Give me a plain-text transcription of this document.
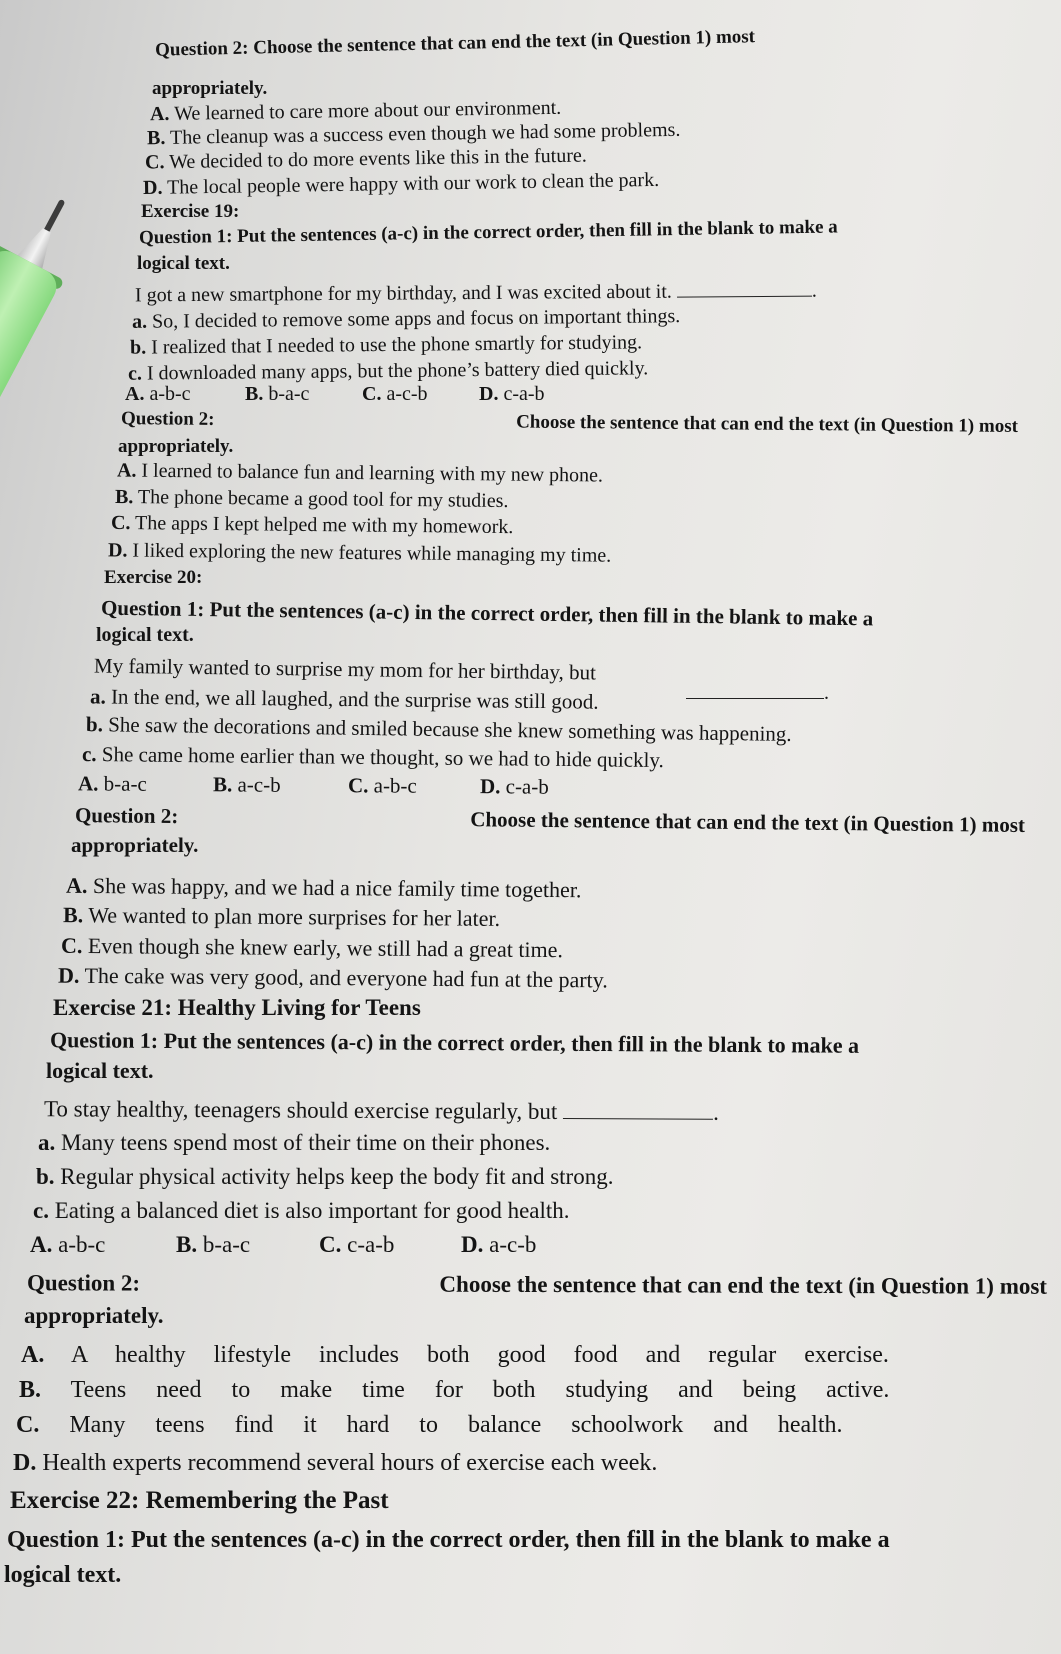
Question 2: Choose the sentence that can end the text (in Question 1) most
appropriately.
A. We learned to care more about our environment.
B. The cleanup was a success even though we had some problems.
C. We decided to do more events like this in the future.
D. The local people were happy with our work to clean the park.
Exercise 19:
Question 1: Put the sentences (a-c) in the correct order, then fill in the blank to make a
logical text.
I got a new smartphone for my birthday, and I was excited about it.	.
a. So, I decided to remove some apps and focus on important things.
b. I realized that I needed to use the phone smartly for studying.
c. I downloaded many apps, but the phone’s battery died quickly.
A. a-b-c	B. b-a-c	C. a-c-b	D. c-a-b
Question 2:	Choose the sentence that can end the text (in Question 1) most
appropriately.
A. I learned to balance fun and learning with my new phone.
B. The phone became a good tool for my studies.
C. The apps I kept helped me with my homework.
D. I liked exploring the new features while managing my time.
Exercise 20:
Question 1: Put the sentences (a-c) in the correct order, then fill in the blank to make a
logical text.
My family wanted to surprise my mom for her birthday, but
.
a. In the end, we all laughed, and the surprise was still good.
b. She saw the decorations and smiled because she knew something was happening.
c. She came home earlier than we thought, so we had to hide quickly.
A. b-a-c	B. a-c-b	C. a-b-c	D. c-a-b
Question 2:	Choose the sentence that can end the text (in Question 1) most
appropriately.
A. She was happy, and we had a nice family time together.
B. We wanted to plan more surprises for her later.
C. Even though she knew early, we still had a great time.
D. The cake was very good, and everyone had fun at the party.
Exercise 21: Healthy Living for Teens
Question 1: Put the sentences (a-c) in the correct order, then fill in the blank to make a
logical text.
To stay healthy, teenagers should exercise regularly, but	.
a. Many teens spend most of their time on their phones.
b. Regular physical activity helps keep the body fit and strong.
c. Eating a balanced diet is also important for good health.
A. a-b-c	B. b-a-c	C. c-a-b	D. a-c-b
Question 2:	Choose the sentence that can end the text (in Question 1) most
appropriately.
A. A healthy lifestyle includes both good food and regular exercise.
B. Teens need to make time for both studying and being active.
C. Many teens find it hard to balance schoolwork and health.
D. Health experts recommend several hours of exercise each week.
Exercise 22: Remembering the Past
Question 1: Put the sentences (a-c) in the correct order, then fill in the blank to make a
logical text.
